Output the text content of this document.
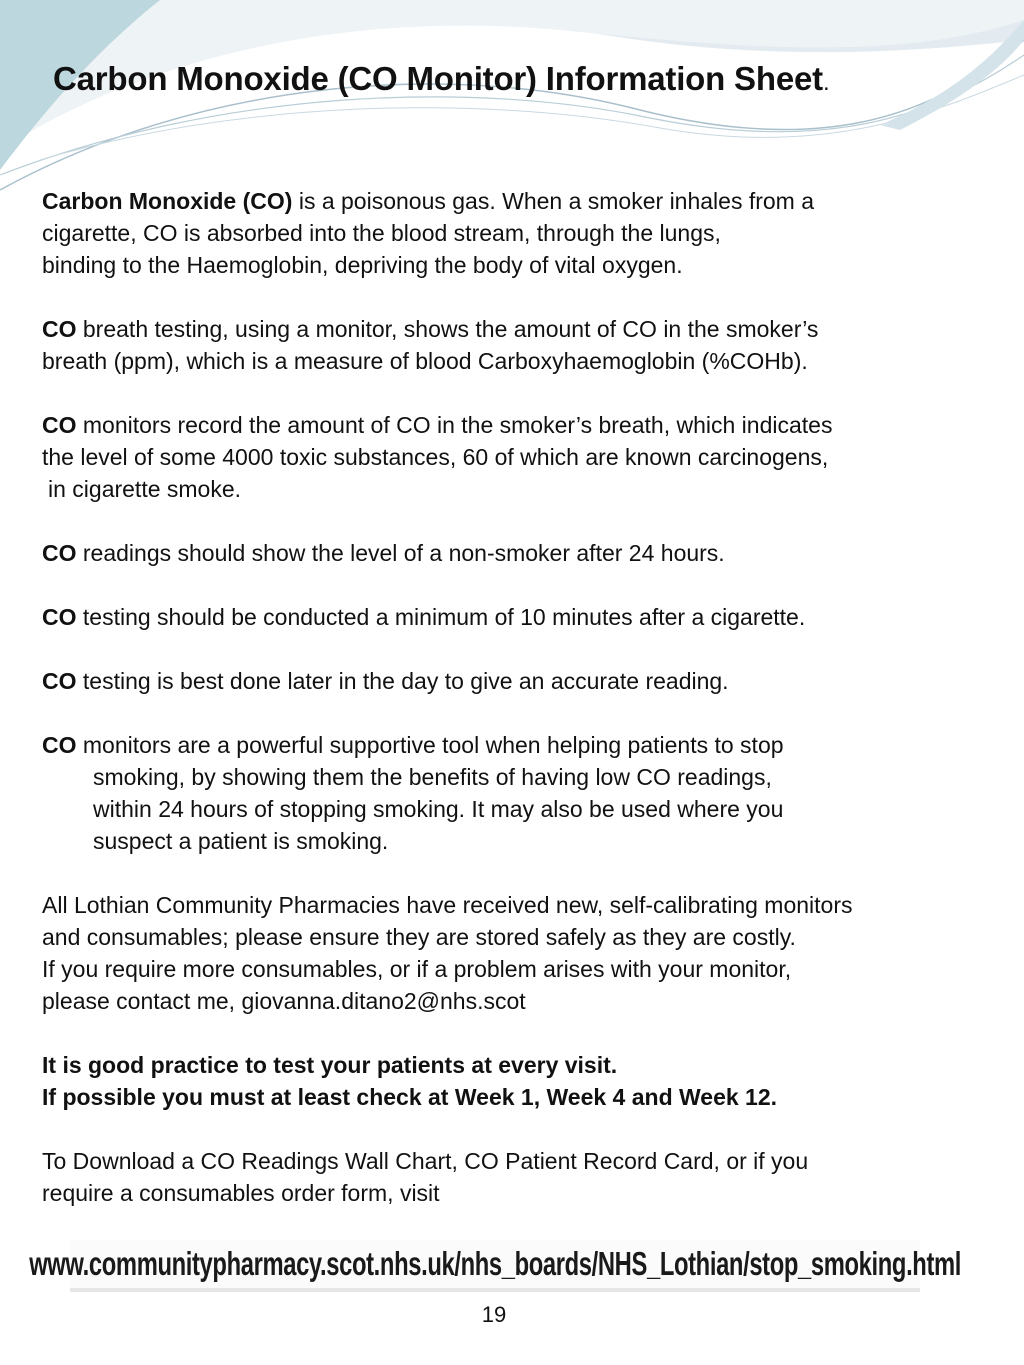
Carbon Monoxide (CO Monitor) Information Sheet.

Carbon Monoxide (CO) is a poisonous gas. When a smoker inhales from a
cigarette, CO is absorbed into the blood stream, through the lungs,
binding to the Haemoglobin, depriving the body of vital oxygen.

CO breath testing, using a monitor, shows the amount of CO in the smoker’s
breath (ppm), which is a measure of blood Carboxyhaemoglobin (%COHb).

CO monitors record the amount of CO in the smoker’s breath, which indicates
the level of some 4000 toxic substances, 60 of which are known carcinogens,
in cigarette smoke.

CO readings should show the level of a non-smoker after 24 hours.

CO testing should be conducted a minimum of 10 minutes after a cigarette.

CO testing is best done later in the day to give an accurate reading.

CO monitors are a powerful supportive tool when helping patients to stop
smoking, by showing them the benefits of having low CO readings,
within 24 hours of stopping smoking. It may also be used where you
suspect a patient is smoking.

All Lothian Community Pharmacies have received new, self-calibrating monitors
and consumables; please ensure they are stored safely as they are costly.
If you require more consumables, or if a problem arises with your monitor,
please contact me, giovanna.ditano2@nhs.scot

It is good practice to test your patients at every visit.
If possible you must at least check at Week 1, Week 4 and Week 12.

To Download a CO Readings Wall Chart, CO Patient Record Card, or if you
require a consumables order form, visit

www.communitypharmacy.scot.nhs.uk/nhs_boards/NHS_Lothian/stop_smoking.html
19
